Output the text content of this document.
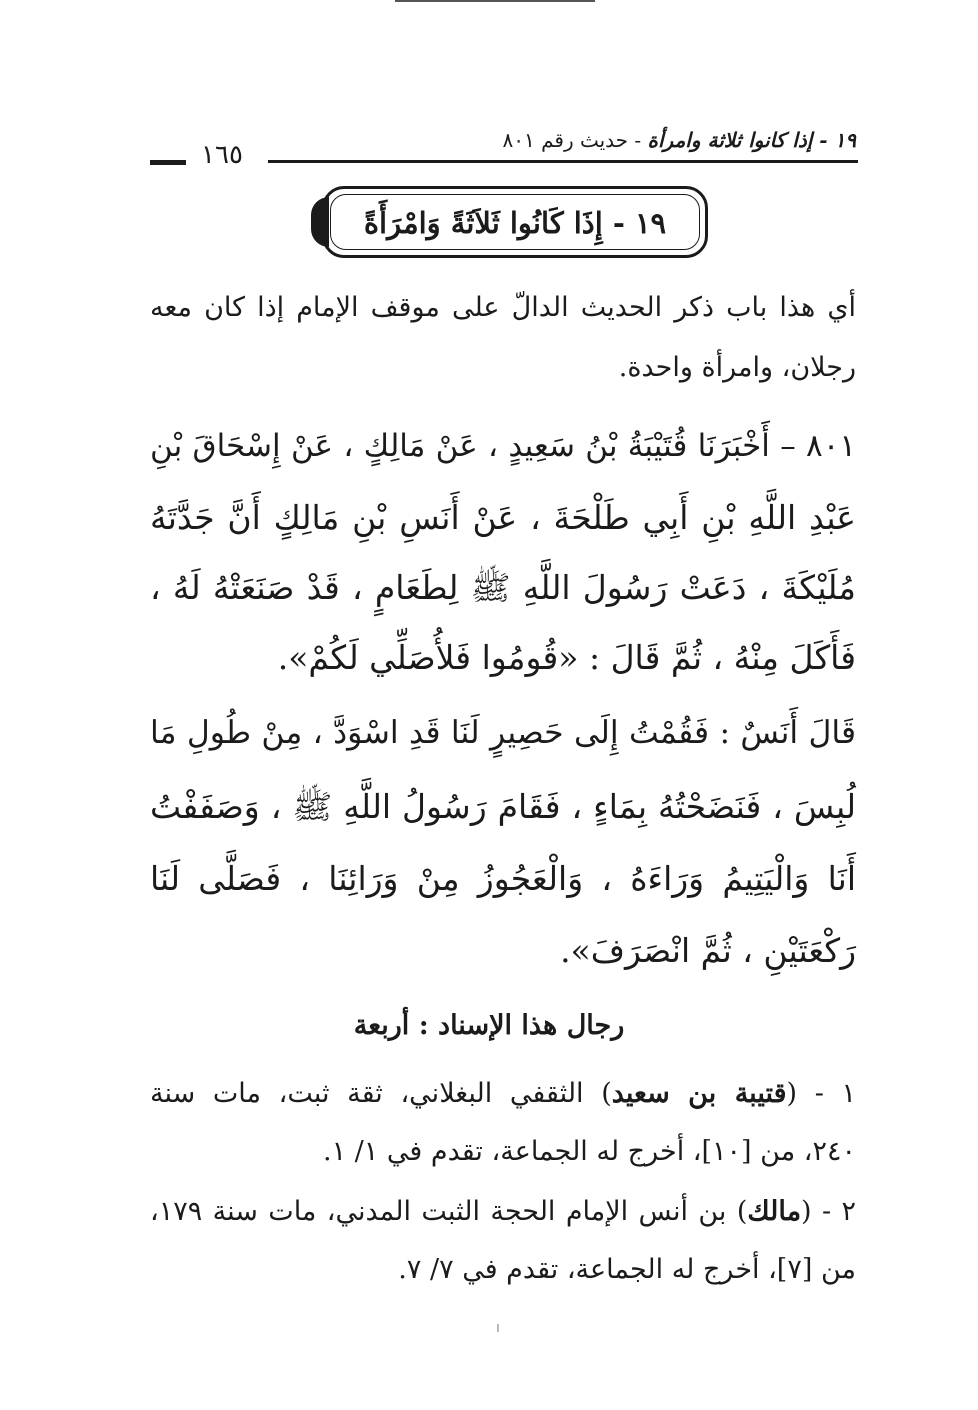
١٩ - إذا كانوا ثلاثة وامرأة - حديث رقم ٨٠١
١٦٥
١٩ - إِذَا كَانُوا ثَلاَثَةً وَامْرَأَةً
أي هذا باب ذكر الحديث الدالّ على موقف الإمام إذا كان معه
رجلان، وامرأة واحدة.
٨٠١ – أَخْبَرَنَا قُتَيْبَةُ بْنُ سَعِيدٍ ، عَنْ مَالِكٍ ، عَنْ إِسْحَاقَ بْنِ
عَبْدِ اللَّهِ بْنِ أَبِي طَلْحَةَ ، عَنْ أَنَسِ بْنِ مَالِكٍ أَنَّ جَدَّتَهُ
مُلَيْكَةَ ، دَعَتْ رَسُولَ اللَّهِ ﷺ لِطَعَامٍ ، قَدْ صَنَعَتْهُ لَهُ ،
فَأَكَلَ مِنْهُ ، ثُمَّ قَالَ : «قُومُوا فَلأُصَلِّي لَكُمْ».
قَالَ أَنَسٌ : فَقُمْتُ إِلَى حَصِيرٍ لَنَا قَدِ اسْوَدَّ ، مِنْ طُولِ مَا
لُبِسَ ، فَنَضَحْتُهُ بِمَاءٍ ، فَقَامَ رَسُولُ اللَّهِ ﷺ ، وَصَفَفْتُ
أَنَا وَالْيَتِيمُ وَرَاءَهُ ، وَالْعَجُوزُ مِنْ وَرَائِنَا ، فَصَلَّى لَنَا
رَكْعَتَيْنِ ، ثُمَّ انْصَرَفَ».
رجال هذا الإسناد : أربعة
١ - (قتيبة بن سعيد) الثقفي البغلاني، ثقة ثبت، مات سنة
٢٤٠، من [١٠]، أخرج له الجماعة، تقدم في ١/ ١.
٢ - (مالك) بن أنس الإمام الحجة الثبت المدني، مات سنة ١٧٩،
من [٧]، أخرج له الجماعة، تقدم في ٧/ ٧.
